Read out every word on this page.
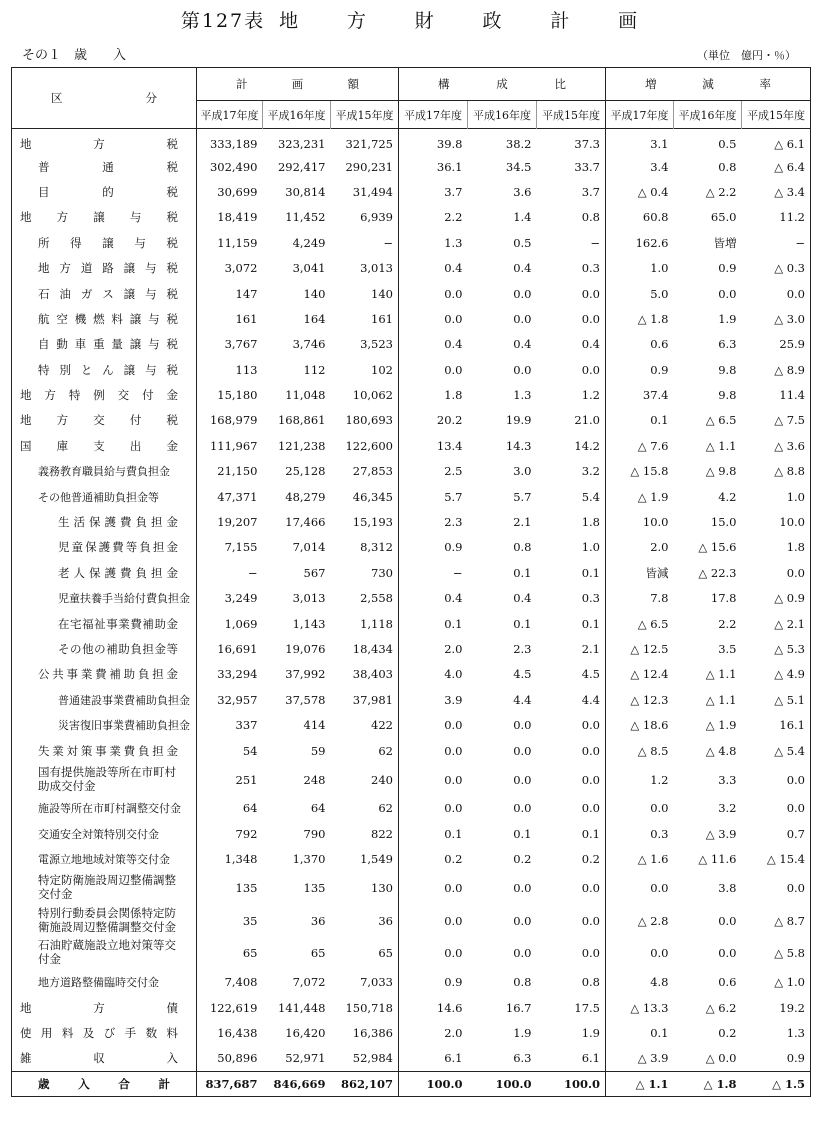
第127表 地方財政計画
その１　歳　　入	（単位　億円・％）
区　　　　分	計　画　額			構　成　比			増　減　率		

	平成17年度	平成16年度	平成15年度	平成17年度	平成16年度	平成15年度	平成17年度	平成16年度	平成15年度
地方税	333,189	323,231	321,725	39.8	38.2	37.3	3.1	0.5	△ 6.1
普通税	302,490	292,417	290,231	36.1	34.5	33.7	3.4	0.8	△ 6.4
目的税	30,699	30,814	31,494	3.7	3.6	3.7	△ 0.4	△ 2.2	△ 3.4
地方譲与税	18,419	11,452	6,939	2.2	1.4	0.8	60.8	65.0	11.2
所得譲与税	11,159	4,249	−	1.3	0.5	−	162.6	皆増	−
地方道路譲与税	3,072	3,041	3,013	0.4	0.4	0.3	1.0	0.9	△ 0.3
石油ガス譲与税	147	140	140	0.0	0.0	0.0	5.0	0.0	0.0
航空機燃料譲与税	161	164	161	0.0	0.0	0.0	△ 1.8	1.9	△ 3.0
自動車重量譲与税	3,767	3,746	3,523	0.4	0.4	0.4	0.6	6.3	25.9
特別とん譲与税	113	112	102	0.0	0.0	0.0	0.9	9.8	△ 8.9
地方特例交付金	15,180	11,048	10,062	1.8	1.3	1.2	37.4	9.8	11.4
地方交付税	168,979	168,861	180,693	20.2	19.9	21.0	0.1	△ 6.5	△ 7.5
国庫支出金	111,967	121,238	122,600	13.4	14.3	14.2	△ 7.6	△ 1.1	△ 3.6
義務教育職員給与費負担金	21,150	25,128	27,853	2.5	3.0	3.2	△ 15.8	△ 9.8	△ 8.8
その他普通補助負担金等	47,371	48,279	46,345	5.7	5.7	5.4	△ 1.9	4.2	1.0
生活保護費負担金	19,207	17,466	15,193	2.3	2.1	1.8	10.0	15.0	10.0
児童保護費等負担金	7,155	7,014	8,312	0.9	0.8	1.0	2.0	△ 15.6	1.8
老人保護費負担金	−	567	730	−	0.1	0.1	皆減	△ 22.3	0.0
児童扶養手当給付費負担金	3,249	3,013	2,558	0.4	0.4	0.3	7.8	17.8	△ 0.9
在宅福祉事業費補助金	1,069	1,143	1,118	0.1	0.1	0.1	△ 6.5	2.2	△ 2.1
その他の補助負担金等	16,691	19,076	18,434	2.0	2.3	2.1	△ 12.5	3.5	△ 5.3
公共事業費補助負担金	33,294	37,992	38,403	4.0	4.5	4.5	△ 12.4	△ 1.1	△ 4.9
普通建設事業費補助負担金	32,957	37,578	37,981	3.9	4.4	4.4	△ 12.3	△ 1.1	△ 5.1
災害復旧事業費補助負担金	337	414	422	0.0	0.0	0.0	△ 18.6	△ 1.9	16.1
失業対策事業費負担金	54	59	62	0.0	0.0	0.0	△ 8.5	△ 4.8	△ 5.4
国有提供施設等所在市町村助成交付金	251	248	240	0.0	0.0	0.0	1.2	3.3	0.0
施設等所在市町村調整交付金	64	64	62	0.0	0.0	0.0	0.0	3.2	0.0
交通安全対策特別交付金	792	790	822	0.1	0.1	0.1	0.3	△ 3.9	0.7
電源立地地域対策等交付金	1,348	1,370	1,549	0.2	0.2	0.2	△ 1.6	△ 11.6	△ 15.4
特定防衛施設周辺整備調整交付金	135	135	130	0.0	0.0	0.0	0.0	3.8	0.0
特別行動委員会関係特定防衛施設周辺整備調整交付金	35	36	36	0.0	0.0	0.0	△ 2.8	0.0	△ 8.7
石油貯蔵施設立地対策等交付金	65	65	65	0.0	0.0	0.0	0.0	0.0	△ 5.8
地方道路整備臨時交付金	7,408	7,072	7,033	0.9	0.8	0.8	4.8	0.6	△ 1.0
地方債	122,619	141,448	150,718	14.6	16.7	17.5	△ 13.3	△ 6.2	19.2
使用料及び手数料	16,438	16,420	16,386	2.0	1.9	1.9	0.1	0.2	1.3
雑収入	50,896	52,971	52,984	6.1	6.3	6.1	△ 3.9	△ 0.0	0.9
歳入合計	837,687	846,669	862,107	100.0	100.0	100.0	△ 1.1	△ 1.8	△ 1.5
